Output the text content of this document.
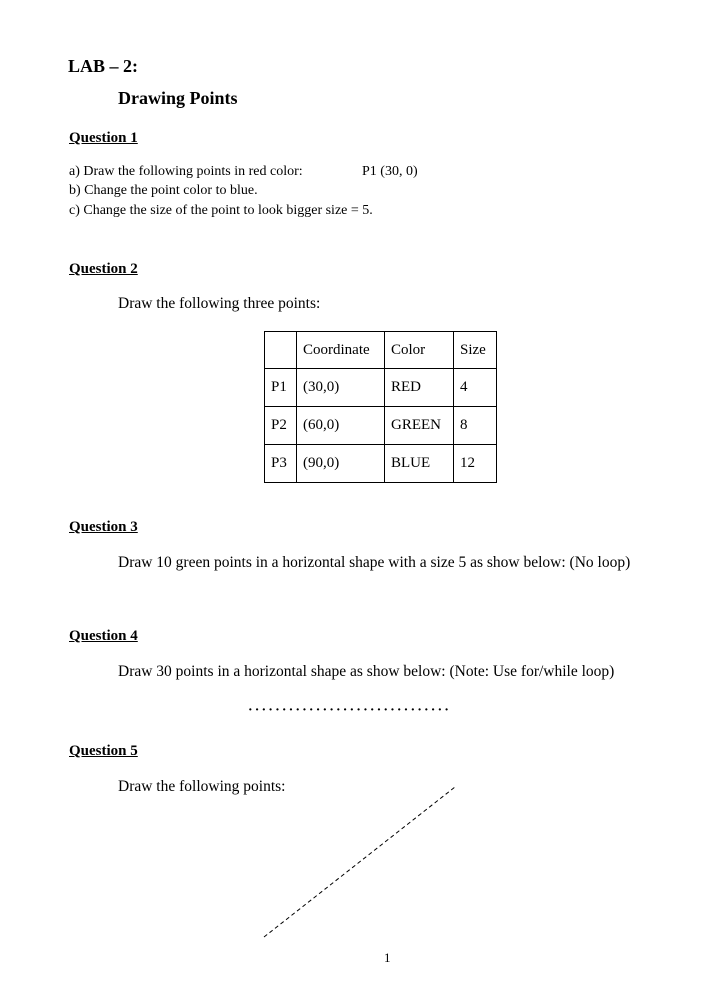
LAB – 2:
Drawing Points
Question 1
a) Draw the following points in red color:	P1 (30, 0)
b) Change the point color to blue.
c) Change the size of the point to look bigger size = 5.
Question 2
Draw the following three points:
	Coordinate	Color	Size
P1	(30,0)	RED	4
P2	(60,0)	GREEN	8
P3	(90,0)	BLUE	12
Question 3
Draw 10 green points in a horizontal shape with a size 5 as show below: (No loop)
Question 4
Draw 30 points in a horizontal shape as show below: (Note: Use for/while loop)
······························
Question 5
Draw the following points:
1
